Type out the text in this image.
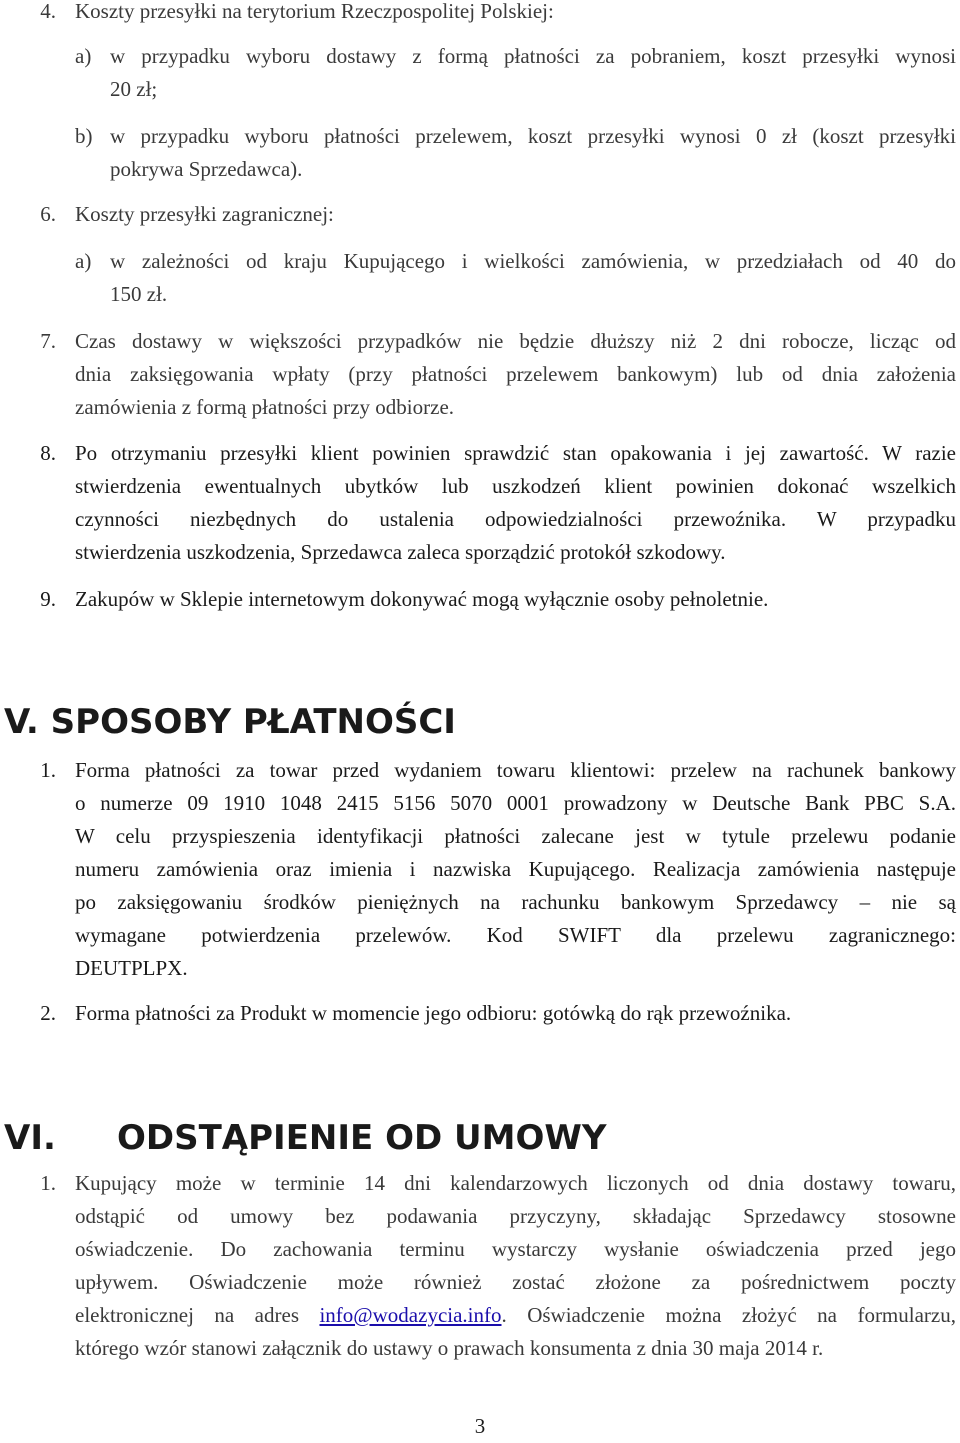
4. Koszty przesyłki na terytorium Rzeczpospolitej Polskiej:
a) w przypadku wyboru dostawy z formą płatności za pobraniem, koszt przesyłki wynosi
20 zł;
b) w przypadku wyboru płatności przelewem, koszt przesyłki wynosi 0 zł (koszt przesyłki
pokrywa Sprzedawca).
6. Koszty przesyłki zagranicznej:
a) w zależności od kraju Kupującego i wielkości zamówienia, w przedziałach od 40 do
150 zł.
7. Czas dostawy w większości przypadków nie będzie dłuższy niż 2 dni robocze, licząc od
dnia zaksięgowania wpłaty (przy płatności przelewem bankowym) lub od dnia założenia
zamówienia z formą płatności przy odbiorze.
8. Po otrzymaniu przesyłki klient powinien sprawdzić stan opakowania i jej zawartość. W razie
stwierdzenia ewentualnych ubytków lub uszkodzeń klient powinien dokonać wszelkich
czynności niezbędnych do ustalenia odpowiedzialności przewoźnika. W przypadku
stwierdzenia uszkodzenia, Sprzedawca zaleca sporządzić protokół szkodowy.
9. Zakupów w Sklepie internetowym dokonywać mogą wyłącznie osoby pełnoletnie.
V. SPOSOBY PŁATNOŚCI
1. Forma płatności za towar przed wydaniem towaru klientowi: przelew na rachunek bankowy
o numerze 09 1910 1048 2415 5156 5070 0001 prowadzony w Deutsche Bank PBC S.A.
W celu przyspieszenia identyfikacji płatności zalecane jest w tytule przelewu podanie
numeru zamówienia oraz imienia i nazwiska Kupującego. Realizacja zamówienia następuje
po zaksięgowaniu środków pieniężnych na rachunku bankowym Sprzedawcy – nie są
wymagane potwierdzenia przelewów. Kod SWIFT dla przelewu zagranicznego:
DEUTPLPX.
2. Forma płatności za Produkt w momencie jego odbioru: gotówką do rąk przewoźnika.
VI. ODSTĄPIENIE OD UMOWY
1. Kupujący może w terminie 14 dni kalendarzowych liczonych od dnia dostawy towaru,
odstąpić od umowy bez podawania przyczyny, składając Sprzedawcy stosowne
oświadczenie. Do zachowania terminu wystarczy wysłanie oświadczenia przed jego
upływem. Oświadczenie może również zostać złożone za pośrednictwem poczty
elektronicznej na adres info@wodazycia.info. Oświadczenie można złożyć na formularzu,
którego wzór stanowi załącznik do ustawy o prawach konsumenta z dnia 30 maja 2014 r.
3
